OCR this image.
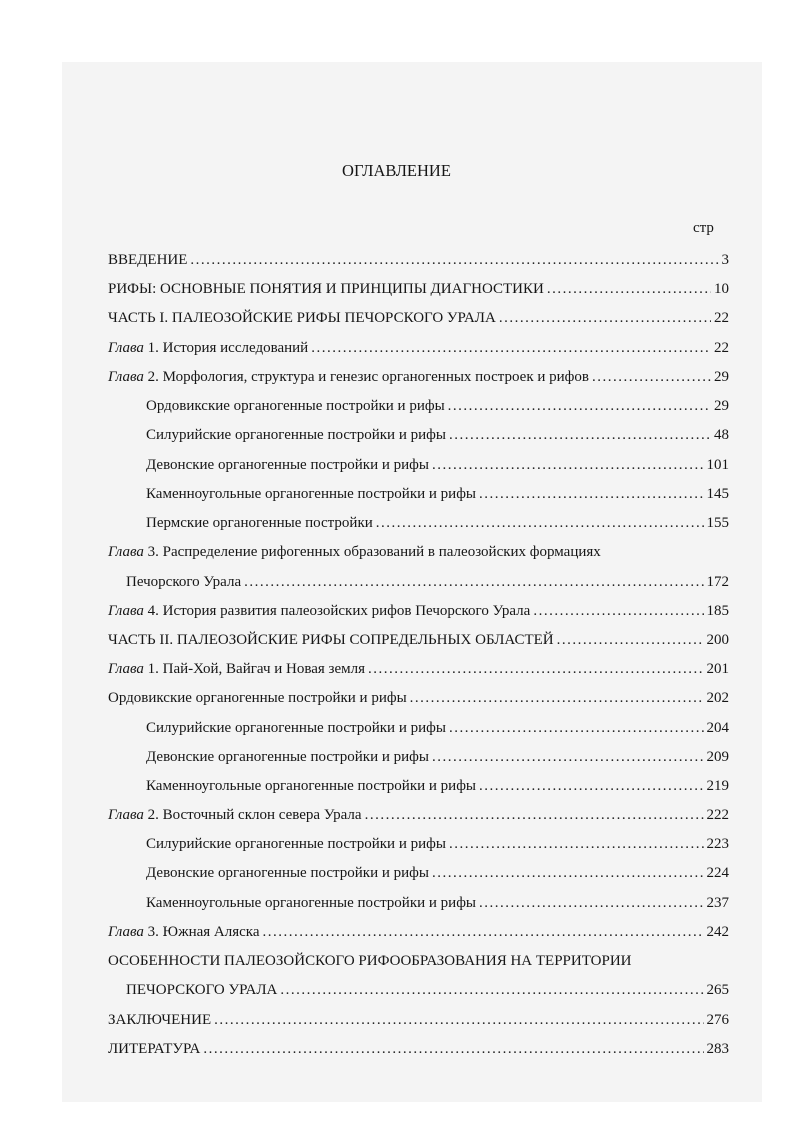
ОГЛАВЛЕНИЕ
стр
ВВЕДЕНИЕ .....	3
РИФЫ: ОСНОВНЫЕ ПОНЯТИЯ И ПРИНЦИПЫ ДИАГНОСТИКИ .....	10
ЧАСТЬ I. ПАЛЕОЗОЙСКИЕ РИФЫ ПЕЧОРСКОГО УРАЛА .....	22
Глава 1. История исследований .....	22
Глава 2. Морфология, структура и генезис органогенных построек и рифов .....	29
Ордовикские органогенные постройки и рифы .....	29
Силурийские органогенные постройки и рифы .....	48
Девонские органогенные постройки и рифы .....	101
Каменноугольные органогенные постройки и рифы .....	145
Пермские органогенные постройки .....	155
Глава 3. Распределение рифогенных образований в палеозойских формациях
Печорского Урала .....	172
Глава 4. История развития палеозойских рифов Печорского Урала .....	185
ЧАСТЬ II. ПАЛЕОЗОЙСКИЕ РИФЫ СОПРЕДЕЛЬНЫХ ОБЛАСТЕЙ .....	200
Глава 1. Пай-Хой, Вайгач и Новая земля .....	201
Ордовикские органогенные постройки и рифы .....	202
Силурийские органогенные постройки и рифы .....	204
Девонские органогенные постройки и рифы .....	209
Каменноугольные органогенные постройки и рифы .....	219
Глава 2. Восточный склон севера Урала .....	222
Силурийские органогенные постройки и рифы .....	223
Девонские органогенные постройки и рифы .....	224
Каменноугольные органогенные постройки и рифы .....	237
Глава 3. Южная Аляска .....	242
ОСОБЕННОСТИ ПАЛЕОЗОЙСКОГО РИФООБРАЗОВАНИЯ НА ТЕРРИТОРИИ
ПЕЧОРСКОГО УРАЛА .....	265
ЗАКЛЮЧЕНИЕ .....	276
ЛИТЕРАТУРА .....	283
